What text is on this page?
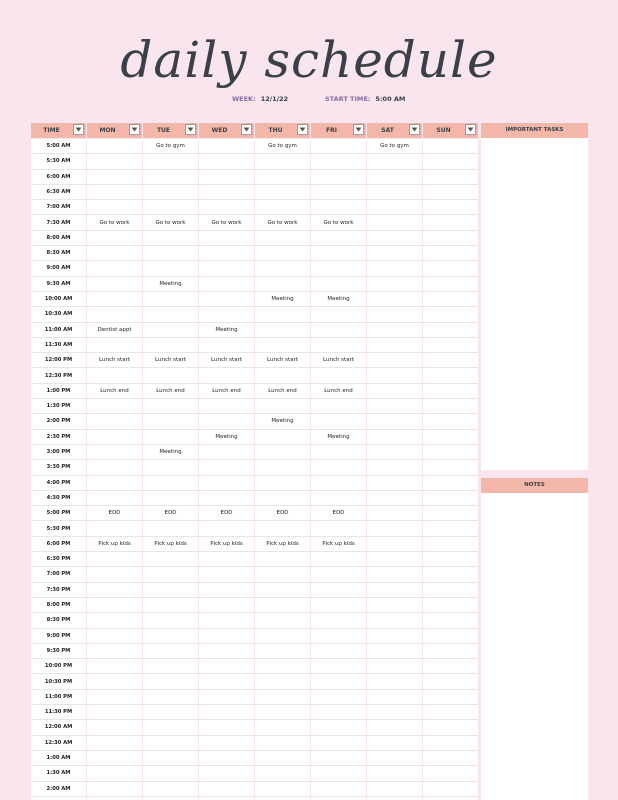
daily schedule
WEEK: 12/1/22	START TIME: 5:00 AM
TIME
5:00 AM
5:30 AM
6:00 AM
6:30 AM
7:00 AM
7:30 AM
8:00 AM
8:30 AM
9:00 AM
9:30 AM
10:00 AM
10:30 AM
11:00 AM
11:30 AM
12:00 PM
12:30 PM
1:00 PM
1:30 PM
2:00 PM
2:30 PM
3:00 PM
3:30 PM
4:00 PM
4:30 PM
5:00 PM
5:30 PM
6:00 PM
6:30 PM
7:00 PM
7:30 PM
8:00 PM
8:30 PM
9:00 PM
9:30 PM
10:00 PM
10:30 PM
11:00 PM
11:30 PM
12:00 AM
12:30 AM
1:00 AM
1:30 AM
2:00 AM
MON
Go to work
Dentist appt
Lunch start
Lunch end
EOD
Pick up kids
TUE
Go to gym
Go to work
Meeting
Lunch start
Lunch end
Meeting
EOD
Pick up kids
WED
Go to work
Meeting
Lunch start
Lunch end
Meeting
EOD
Pick up kids
THU
Go to gym
Go to work
Meeting
Lunch start
Lunch end
Meeting
EOD
Pick up kids
FRI
Go to work
Meeting
Lunch start
Lunch end
Meeting
EOD
Pick up kids
SAT
Go to gym
SUN	IMPORTANT TASKS
NOTES
